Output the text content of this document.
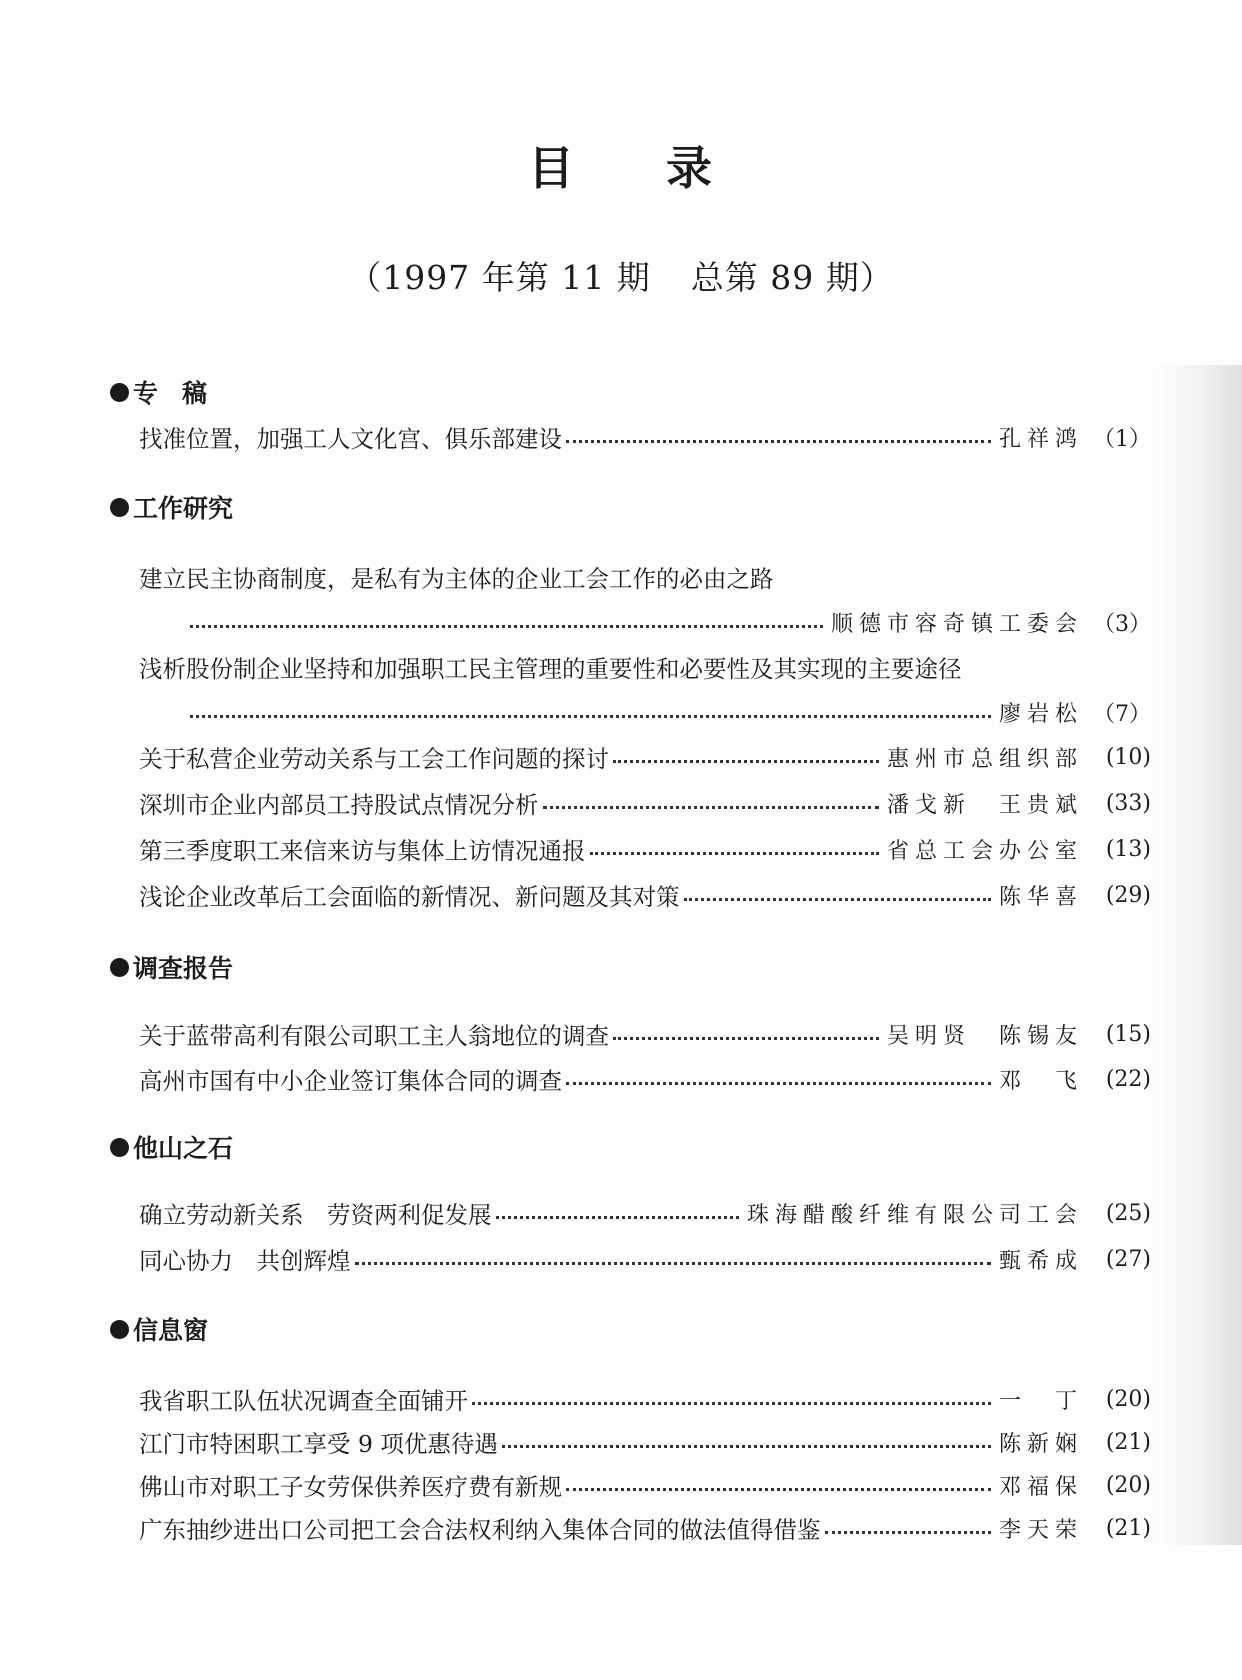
目 录
（1997 年第 11 期 总第 89 期）
专稿
找准位置，加强工人文化宫、俱乐部建设	孔祥鸿 （1）
工作研究
建立民主协商制度，是私有为主体的企业工会工作的必由之路
顺德市容奇镇工委会 （3）
浅析股份制企业坚持和加强职工民主管理的重要性和必要性及其实现的主要途径
廖岩松 （7）
关于私营企业劳动关系与工会工作问题的探讨	惠州市总组织部	(10)
深圳市企业内部员工持股试点情况分析	潘戈新　王贵斌	(33)
第三季度职工来信来访与集体上访情况通报	省总工会办公室	(13)
浅论企业改革后工会面临的新情况、新问题及其对策	陈华喜	(29)
调查报告
关于蓝带高利有限公司职工主人翁地位的调查	吴明贤　陈锡友	(15)
高州市国有中小企业签订集体合同的调查	邓　飞	(22)
他山之石
确立劳动新关系　劳资两利促发展	珠海醋酸纤维有限公司工会	(25)
同心协力　共创辉煌	甄希成	(27)
信息窗
我省职工队伍状况调查全面铺开	一　丁	(20)
江门市特困职工享受 9 项优惠待遇	陈新娴	(21)
佛山市对职工子女劳保供养医疗费有新规	邓福保	(20)
广东抽纱进出口公司把工会合法权利纳入集体合同的做法值得借鉴	李天荣	(21)
